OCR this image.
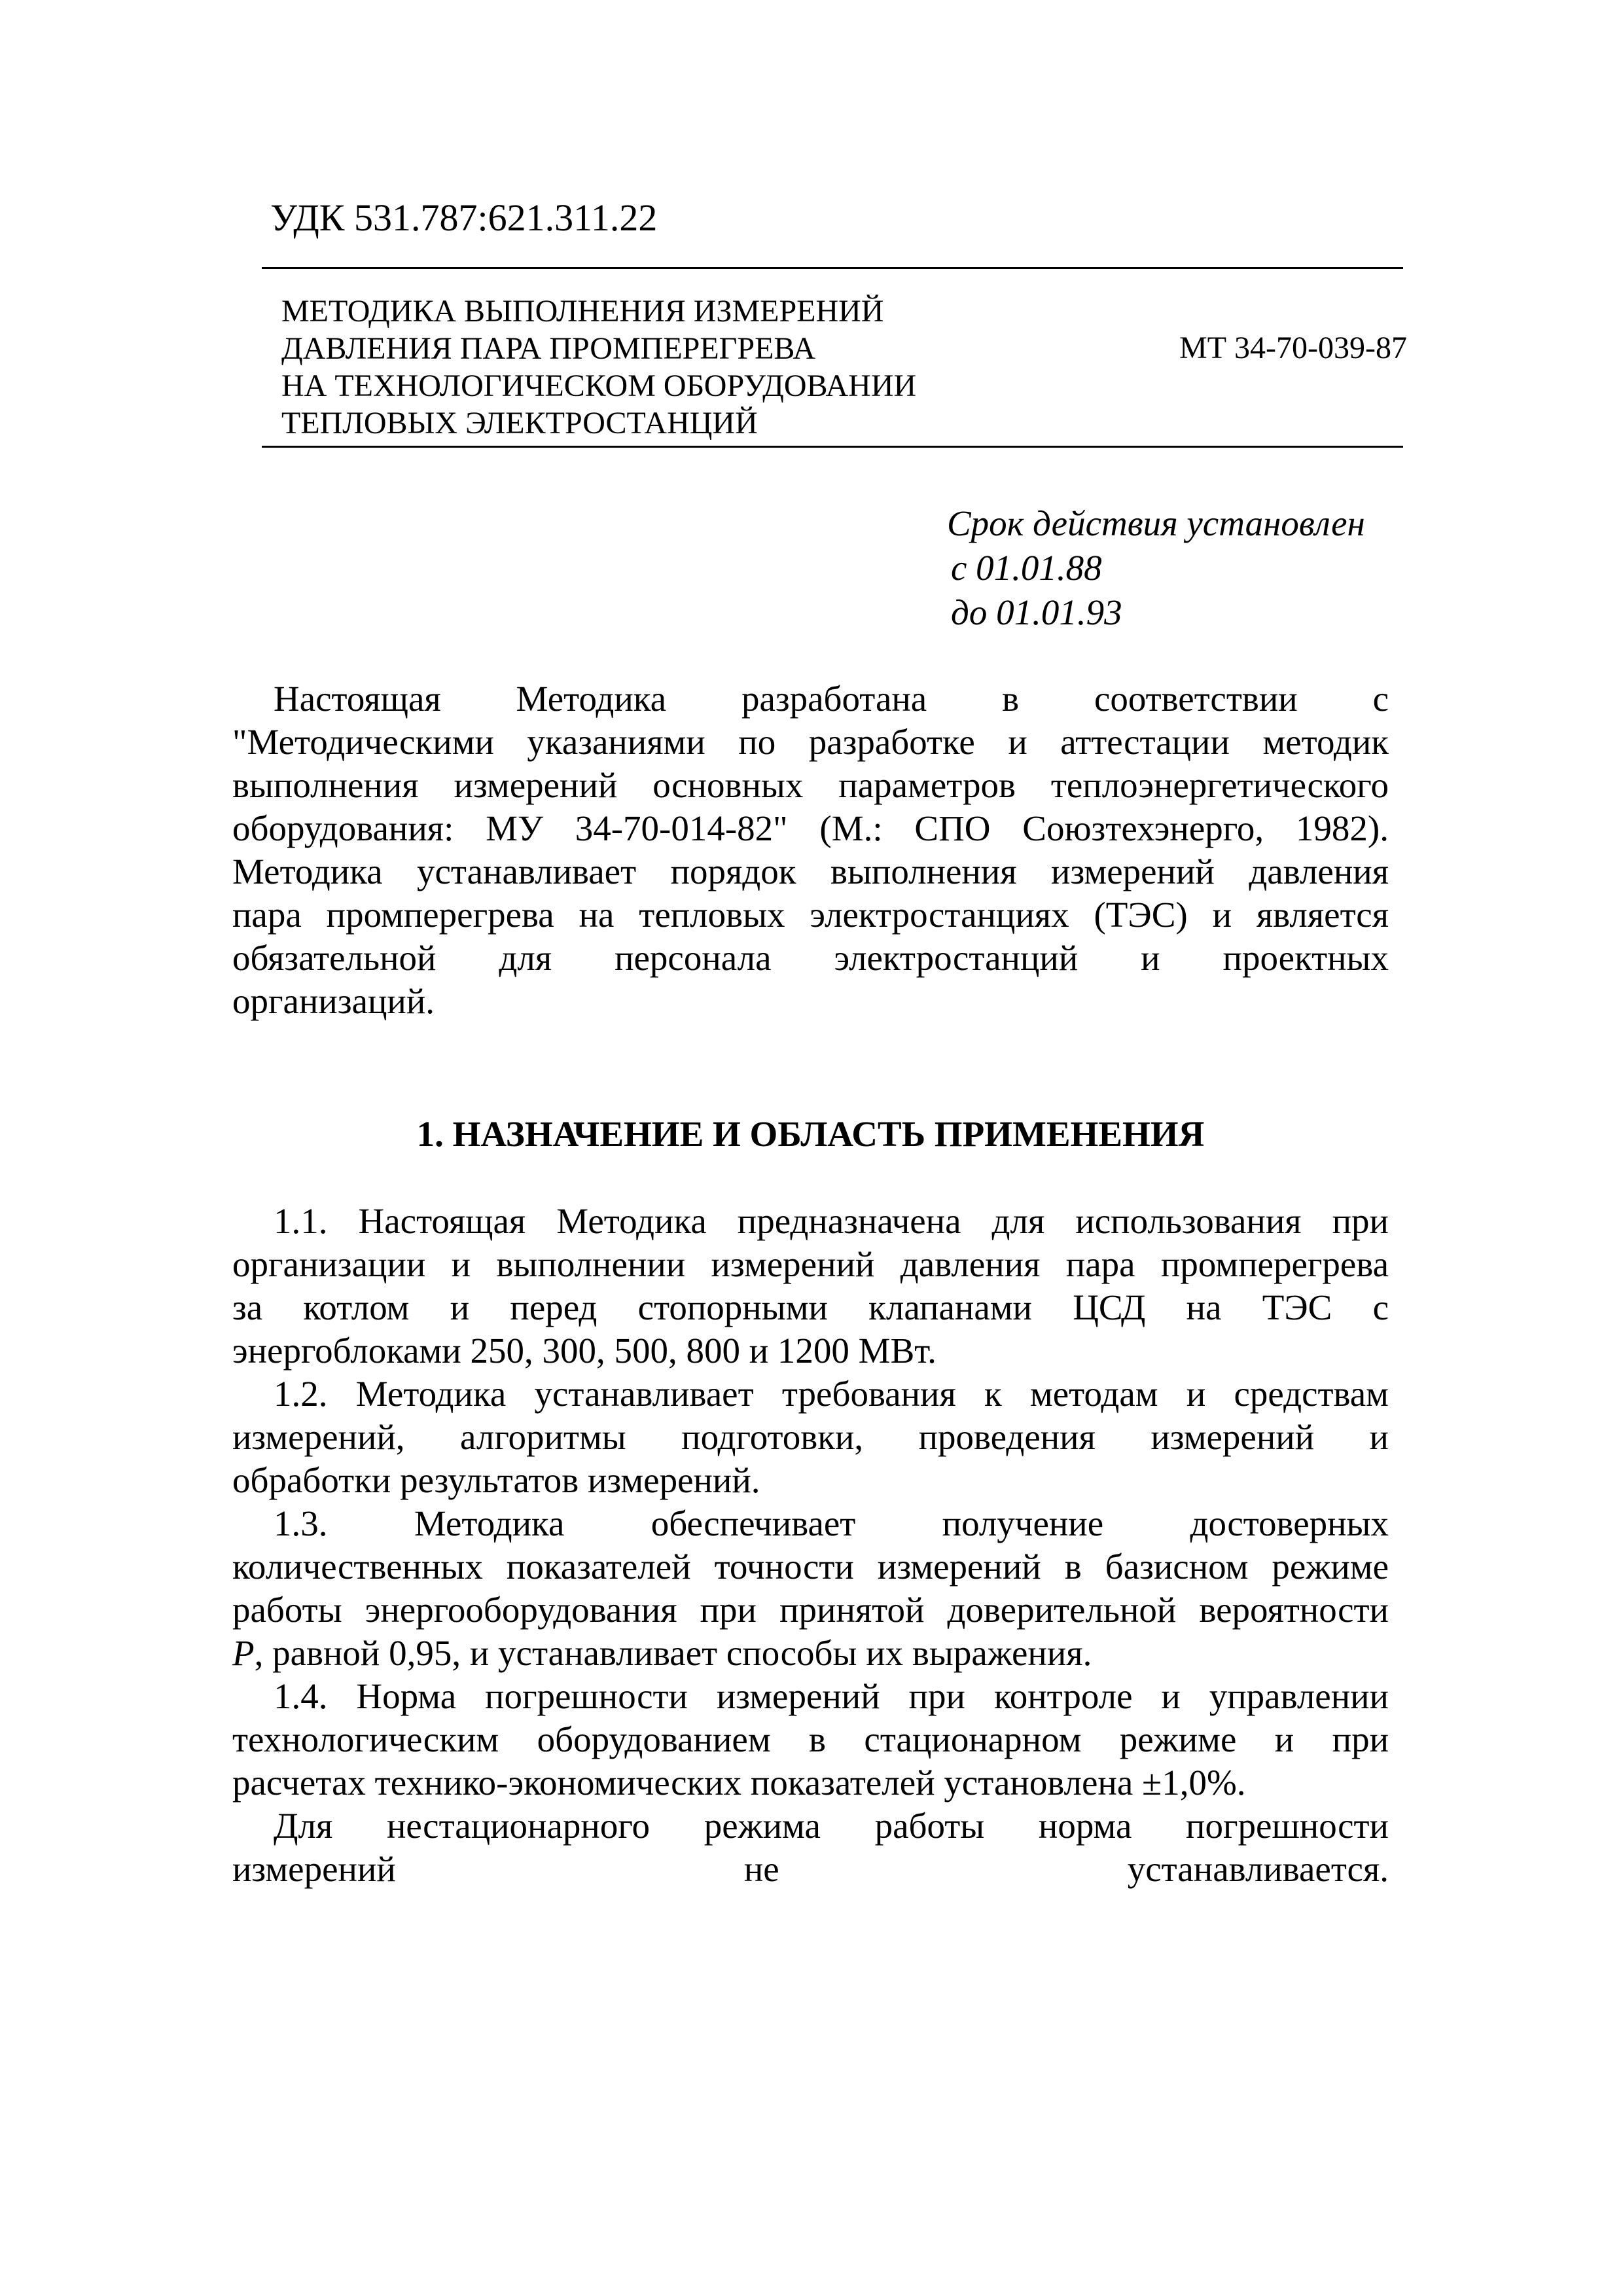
УДК 531.787:621.311.22
МЕТОДИКА ВЫПОЛНЕНИЯ ИЗМЕРЕНИЙ
ДАВЛЕНИЯ ПАРА ПРОМПЕРЕГРЕВА
НА ТЕХНОЛОГИЧЕСКОМ ОБОРУДОВАНИИ
ТЕПЛОВЫХ ЭЛЕКТРОСТАНЦИЙ
МТ 34-70-039-87
Срок действия установлен
с 01.01.88
до 01.01.93
Настоящая Методика разработана в соответствии с
"Методическими указаниями по разработке и аттестации методик
выполнения измерений основных параметров теплоэнергетического
оборудования: МУ 34-70-014-82" (М.: СПО Союзтехэнерго, 1982).
Методика устанавливает порядок выполнения измерений давления
пара промперегрева на тепловых электростанциях (ТЭС) и является
обязательной для персонала электростанций и проектных
организаций.
1. НАЗНАЧЕНИЕ И ОБЛАСТЬ ПРИМЕНЕНИЯ
1.1. Настоящая Методика предназначена для использования при
организации и выполнении измерений давления пара промперегрева
за котлом и перед стопорными клапанами ЦСД на ТЭС с
энергоблоками 250, 300, 500, 800 и 1200 МВт.
1.2. Методика устанавливает требования к методам и средствам
измерений, алгоритмы подготовки, проведения измерений и
обработки результатов измерений.
1.3. Методика обеспечивает получение достоверных
количественных показателей точности измерений в базисном режиме
работы энергооборудования при принятой доверительной вероятности
P, равной 0,95, и устанавливает способы их выражения.
1.4. Норма погрешности измерений при контроле и управлении
технологическим оборудованием в стационарном режиме и при
расчетах технико-экономических показателей установлена ±1,0%.
Для нестационарного режима работы норма погрешности
измерений не устанавливается.
